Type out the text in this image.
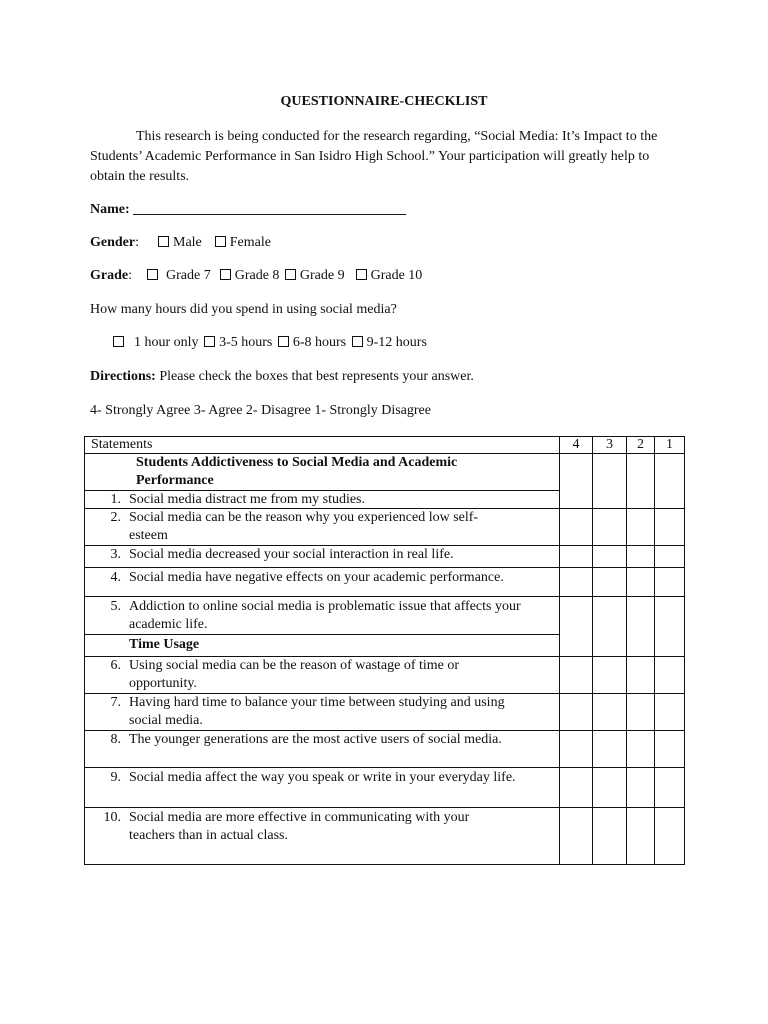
QUESTIONNAIRE-CHECKLIST
This research is being conducted for the research regarding, “Social Media: It’s Impact to the Students’ Academic Performance in San Isidro High School.” Your participation will greatly help to obtain the results.
Name: _______________________________________
Gender: Male Female
Grade: Grade 7 Grade 8 Grade 9 Grade 10
How many hours did you spend in using social media?
1 hour only 3-5 hours 6-8 hours 9-12 hours
Directions: Please check the boxes that best represents your answer.
4- Strongly Agree 3- Agree 2- Disagree 1- Strongly Disagree
Statements	4	3	2	1

Students Addictiveness to Social Media and Academic Performance				

1. Social media distract me from my studies.				

2. Social media can be the reason why you experienced low self-esteem				

3. Social media decreased your social interaction in real life.				

4. Social media have negative effects on your academic performance.				

5. Addiction to online social media is problematic issue that affects your academic life.				

Time Usage				

6. Using social media can be the reason of wastage of time or opportunity.				

7. Having hard time to balance your time between studying and using social media.				

8. The younger generations are the most active users of social media.				

9. Social media affect the way you speak or write in your everyday life.				

10. Social media are more effective in communicating with your teachers than in actual class.				
